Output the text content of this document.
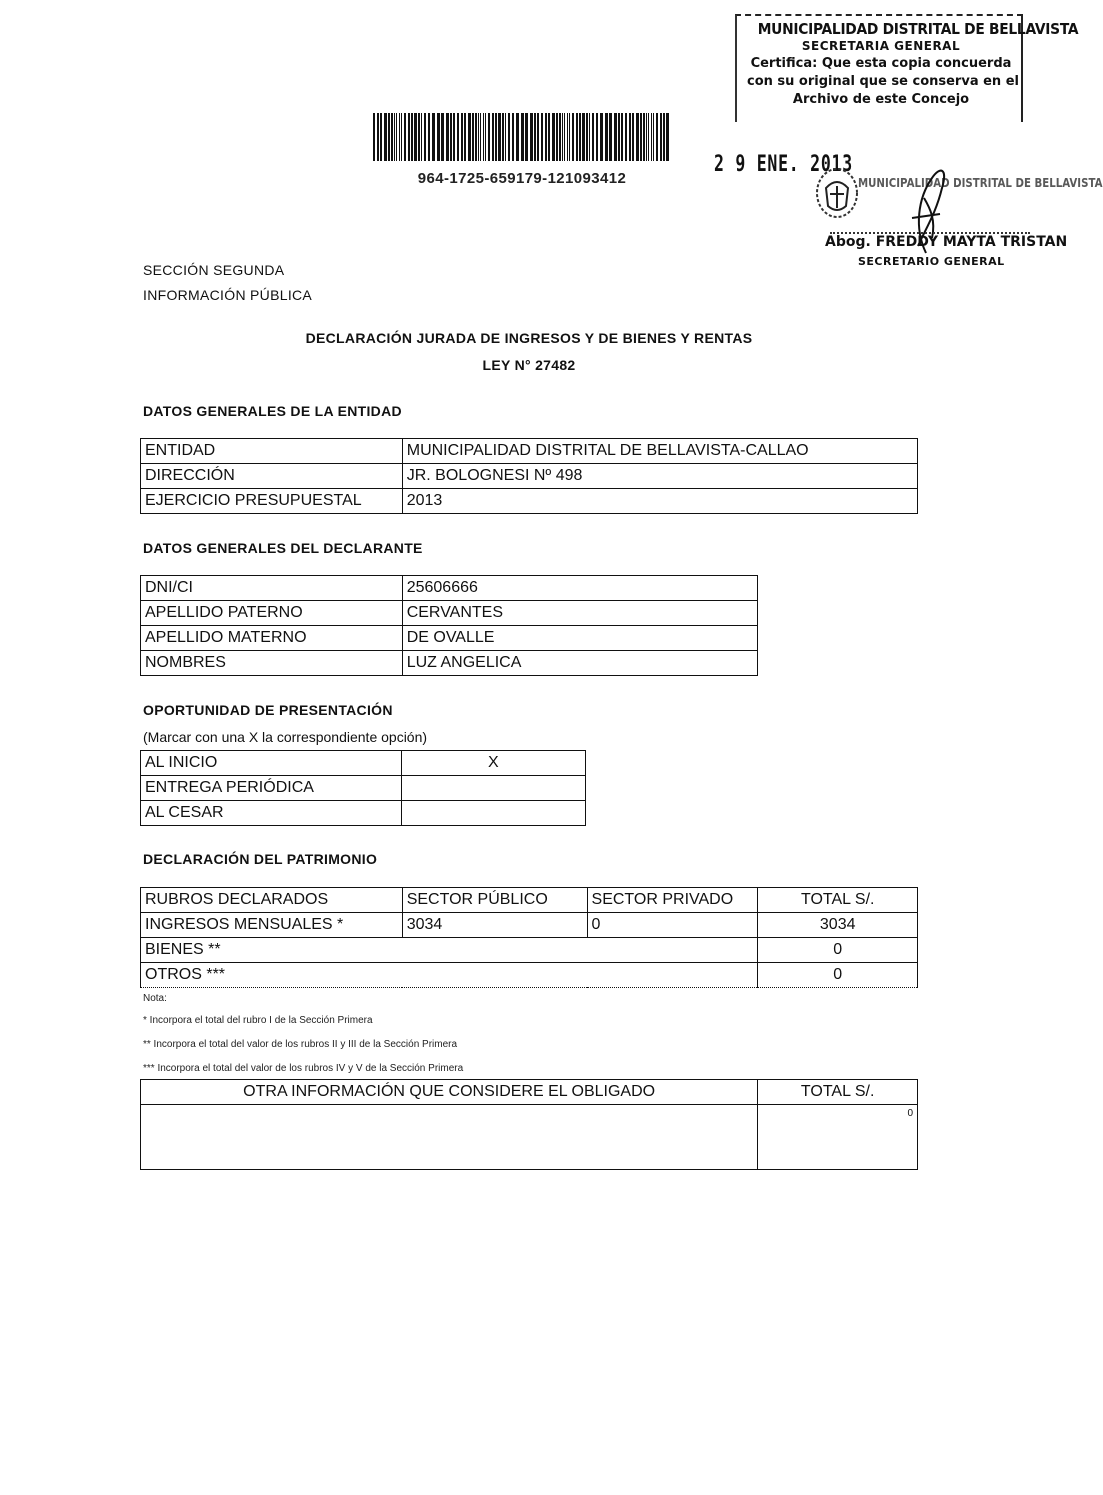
MUNICIPALIDAD DISTRITAL DE BELLAVISTA
SECRETARIA GENERAL
Certifica: Que esta copia concuerda
con su original que se conserva en el
Archivo de este Concejo
964-1725-659179-121093412
2 9 ENE. 2013
MUNICIPALIDAD DISTRITAL DE BELLAVISTA
Abog. FREDDY MAYTA TRISTAN
SECRETARIO GENERAL
SECCIÓN SEGUNDA
INFORMACIÓN PÚBLICA
DECLARACIÓN JURADA DE INGRESOS Y DE BIENES Y RENTAS
LEY N° 27482
DATOS GENERALES DE LA ENTIDAD
ENTIDAD	MUNICIPALIDAD DISTRITAL DE BELLAVISTA-CALLAO
DIRECCIÓN	JR. BOLOGNESI Nº 498
EJERCICIO PRESUPUESTAL	2013
DATOS GENERALES DEL DECLARANTE
DNI/CI	25606666
APELLIDO PATERNO	CERVANTES
APELLIDO MATERNO	DE OVALLE
NOMBRES	LUZ ANGELICA
OPORTUNIDAD DE PRESENTACIÓN
(Marcar con una X la correspondiente opción)
AL INICIO	X
ENTREGA PERIÓDICA	
AL CESAR	
DECLARACIÓN DEL PATRIMONIO
RUBROS DECLARADOS	SECTOR PÚBLICO	SECTOR PRIVADO	TOTAL S/.
INGRESOS MENSUALES *	3034	0	3034
BIENES **			0
OTROS ***			0
Nota:
* Incorpora el total del rubro I de la Sección Primera
** Incorpora el total del valor de los rubros II y III de la Sección Primera
*** Incorpora el total del valor de los rubros IV y V de la Sección Primera
OTRA INFORMACIÓN QUE CONSIDERE EL OBLIGADO	TOTAL S/.
	0
